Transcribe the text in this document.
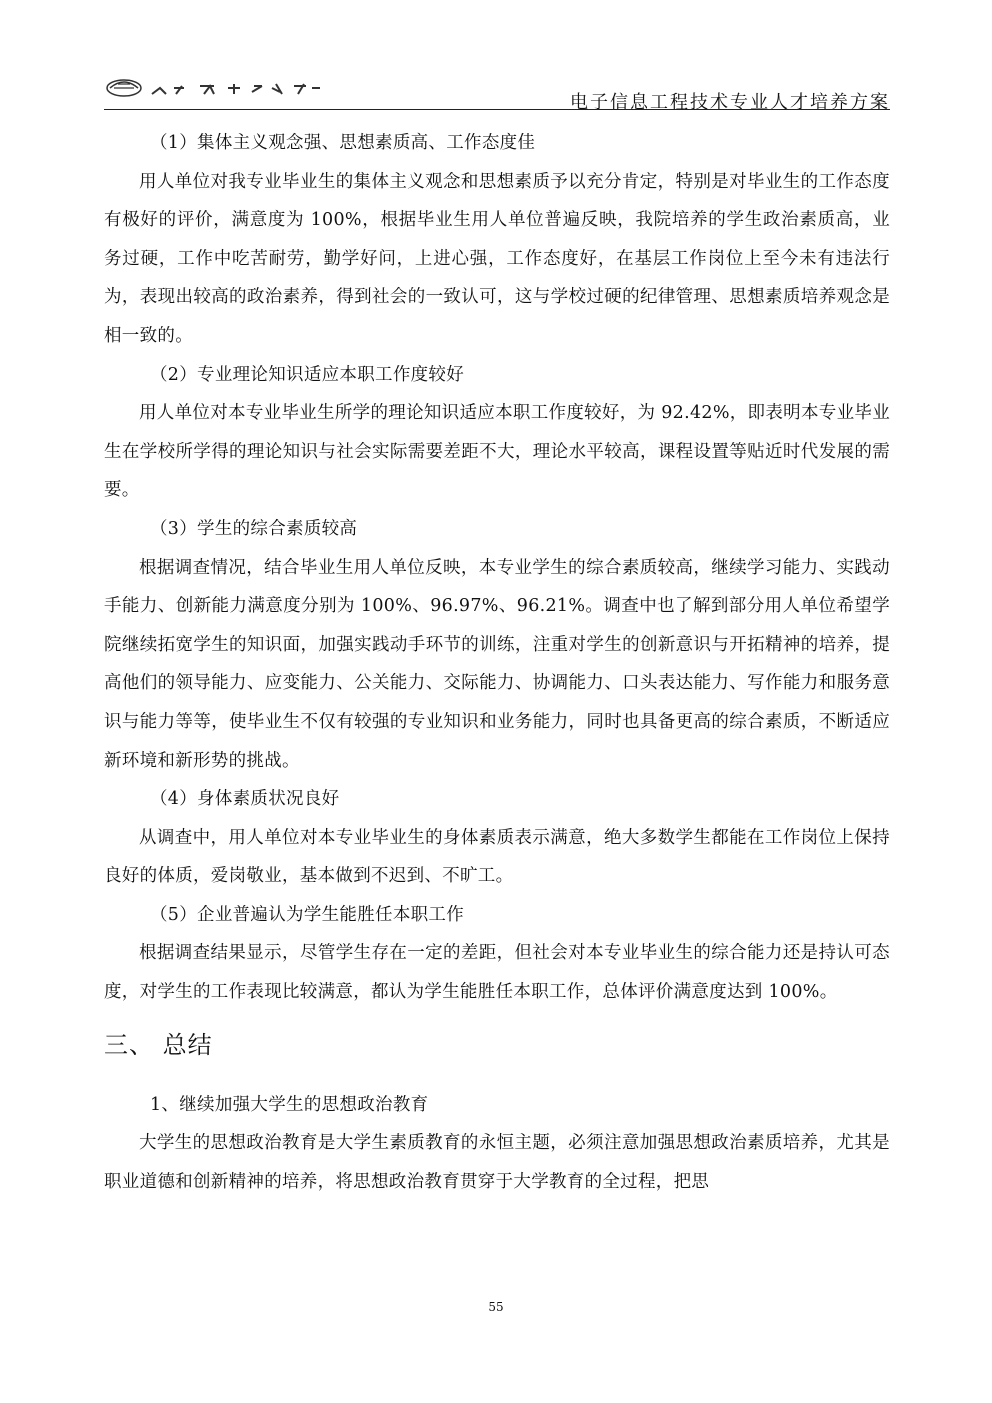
电子信息工程技术专业人才培养方案

（1）集体主义观念强、思想素质高、工作态度佳

用人单位对我专业毕业生的集体主义观念和思想素质予以充分肯定，特别是对毕业生的工作态度有极好的评价，满意度为 100%，根据毕业生用人单位普遍反映，我院培养的学生政治素质高，业务过硬，工作中吃苦耐劳，勤学好问，上进心强，工作态度好，在基层工作岗位上至今未有违法行为，表现出较高的政治素养，得到社会的一致认可，这与学校过硬的纪律管理、思想素质培养观念是相一致的。

（2）专业理论知识适应本职工作度较好

用人单位对本专业毕业生所学的理论知识适应本职工作度较好，为 92.42%，即表明本专业毕业生在学校所学得的理论知识与社会实际需要差距不大，理论水平较高，课程设置等贴近时代发展的需要。

（3）学生的综合素质较高

根据调查情况，结合毕业生用人单位反映，本专业学生的综合素质较高，继续学习能力、实践动手能力、创新能力满意度分别为 100%、96.97%、96.21%。调查中也了解到部分用人单位希望学院继续拓宽学生的知识面，加强实践动手环节的训练，注重对学生的创新意识与开拓精神的培养，提高他们的领导能力、应变能力、公关能力、交际能力、协调能力、口头表达能力、写作能力和服务意识与能力等等，使毕业生不仅有较强的专业知识和业务能力，同时也具备更高的综合素质，不断适应新环境和新形势的挑战。

（4）身体素质状况良好

从调查中，用人单位对本专业毕业生的身体素质表示满意，绝大多数学生都能在工作岗位上保持良好的体质，爱岗敬业，基本做到不迟到、不旷工。

（5）企业普遍认为学生能胜任本职工作

根据调查结果显示，尽管学生存在一定的差距，但社会对本专业毕业生的综合能力还是持认可态度，对学生的工作表现比较满意，都认为学生能胜任本职工作，总体评价满意度达到 100%。

三、 总结

1、继续加强大学生的思想政治教育

大学生的思想政治教育是大学生素质教育的永恒主题，必须注意加强思想政治素质培养，尤其是职业道德和创新精神的培养，将思想政治教育贯穿于大学教育的全过程，把思

55
